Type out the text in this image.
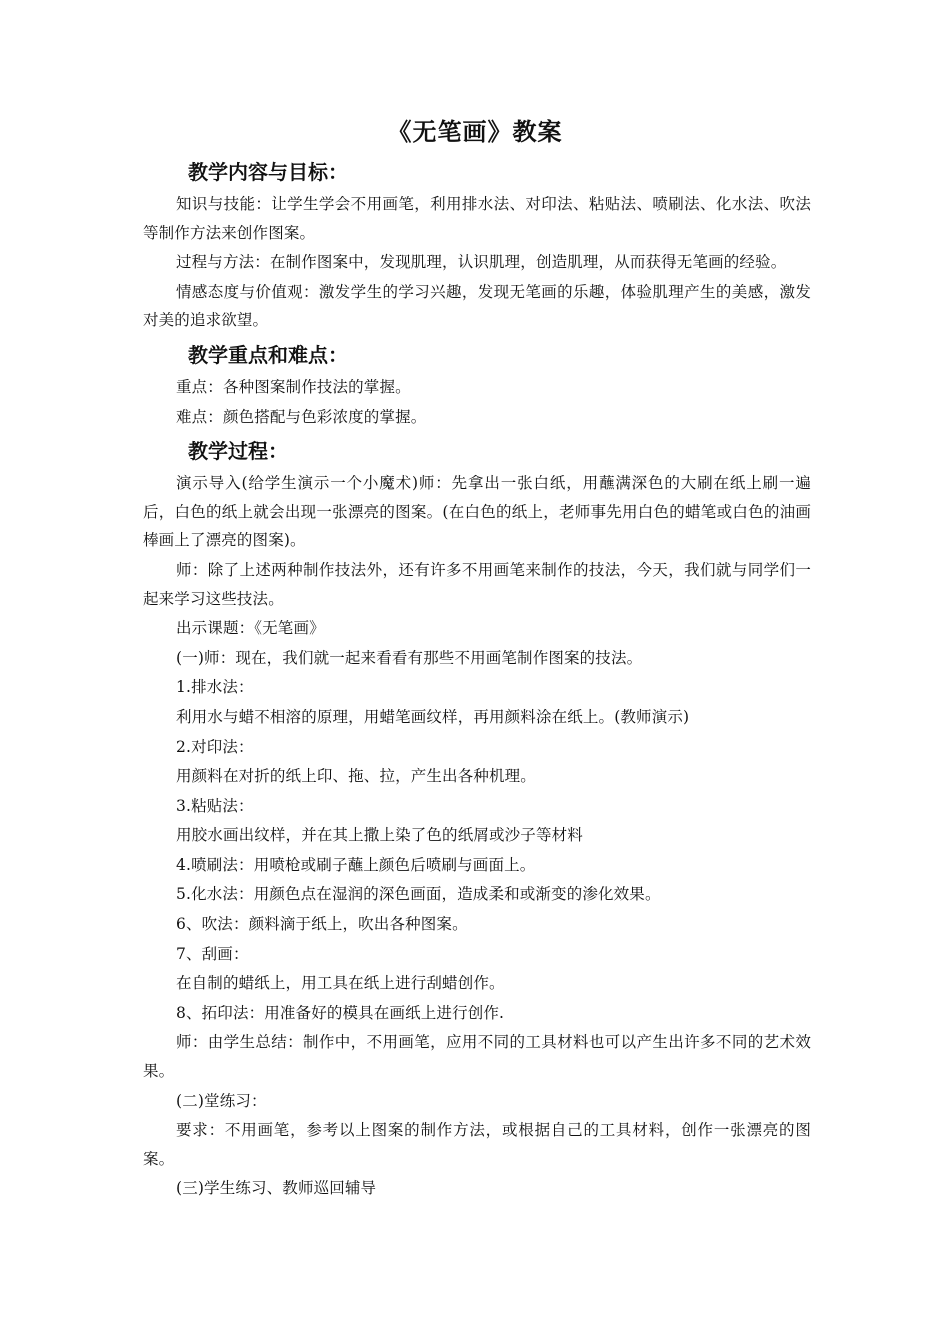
《无笔画》教案
教学内容与目标：

知识与技能：让学生学会不用画笔，利用排水法、对印法、粘贴法、喷刷法、化水法、吹法等制作方法来创作图案。

过程与方法：在制作图案中，发现肌理，认识肌理，创造肌理，从而获得无笔画的经验。

情感态度与价值观：激发学生的学习兴趣，发现无笔画的乐趣，体验肌理产生的美感，激发对美的追求欲望。

教学重点和难点：

重点：各种图案制作技法的掌握。

难点：颜色搭配与色彩浓度的掌握。

教学过程：

演示导入(给学生演示一个小魔术)师：先拿出一张白纸，用蘸满深色的大刷在纸上刷一遍后，白色的纸上就会出现一张漂亮的图案。(在白色的纸上，老师事先用白色的蜡笔或白色的油画棒画上了漂亮的图案)。

师：除了上述两种制作技法外，还有许多不用画笔来制作的技法，今天，我们就与同学们一起来学习这些技法。

出示课题：《无笔画》

(一)师：现在，我们就一起来看看有那些不用画笔制作图案的技法。

1.排水法：

利用水与蜡不相溶的原理，用蜡笔画纹样，再用颜料涂在纸上。(教师演示)

2.对印法：

用颜料在对折的纸上印、拖、拉，产生出各种机理。

3.粘贴法：

用胶水画出纹样，并在其上撒上染了色的纸屑或沙子等材料

4.喷刷法：用喷枪或刷子蘸上颜色后喷刷与画面上。

5.化水法：用颜色点在湿润的深色画面，造成柔和或渐变的渗化效果。

6、吹法：颜料滴于纸上，吹出各种图案。

7、刮画：

在自制的蜡纸上，用工具在纸上进行刮蜡创作。

8、拓印法：用准备好的模具在画纸上进行创作.

师：由学生总结：制作中，不用画笔，应用不同的工具材料也可以产生出许多不同的艺术效果。

(二)堂练习：

要求：不用画笔，参考以上图案的制作方法，或根据自己的工具材料，创作一张漂亮的图案。

(三)学生练习、教师巡回辅导
